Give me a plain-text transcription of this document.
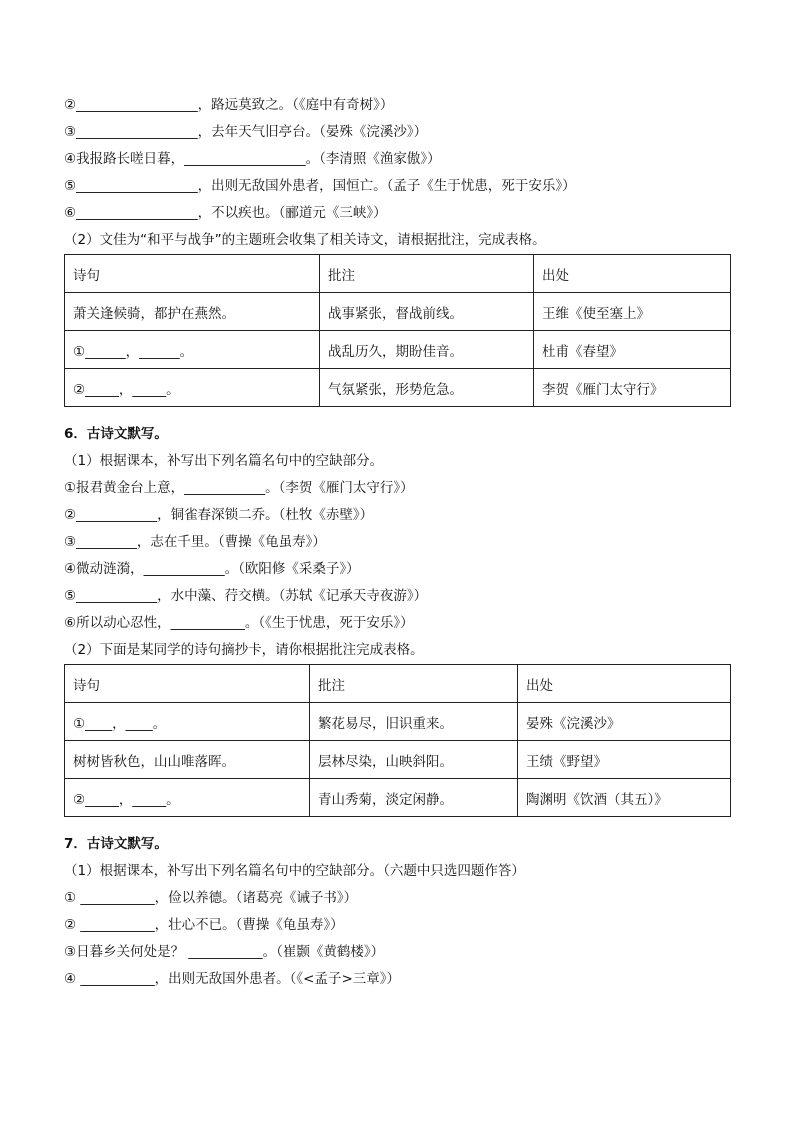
②__________________，路远莫致之。（《庭中有奇树》）
③__________________，去年天气旧亭台。（晏殊《浣溪沙》）
④我报路长嗟日暮，__________________。（李清照《渔家傲》）
⑤__________________，出则无敌国外患者，国恒亡。（孟子《生于忧患，死于安乐》）
⑥__________________，不以疾也。（郦道元《三峡》）
（2）文佳为“和平与战争”的主题班会收集了相关诗文，请根据批注，完成表格。
诗句	批注	出处
萧关逢候骑，都护在燕然。	战事紧张，督战前线。	王维《使至塞上》
①______，______。	战乱历久，期盼佳音。	杜甫《春望》
②_____，_____。	气氛紧张，形势危急。	李贺《雁门太守行》
6．古诗文默写。
（1）根据课本，补写出下列名篇名句中的空缺部分。
①报君黄金台上意，____________。（李贺《雁门太守行》）
②____________，铜雀春深锁二乔。（杜牧《赤壁》）
③_________，志在千里。（曹操《龟虽寿》）
④微动涟漪，____________。（欧阳修《采桑子》）
⑤____________，水中藻、荇交横。（苏轼《记承天寺夜游》）
⑥所以动心忍性，___________。（《生于忧患，死于安乐》）
（2）下面是某同学的诗句摘抄卡，请你根据批注完成表格。
诗句	批注	出处
①____，____。	繁花易尽，旧识重来。	晏殊《浣溪沙》
树树皆秋色，山山唯落晖。	层林尽染，山映斜阳。	王绩《野望》
②_____，_____。	青山秀菊，淡定闲静。	陶渊明《饮酒（其五）》
7．古诗文默写。
（1）根据课本，补写出下列名篇名句中的空缺部分。（六题中只选四题作答）
① ___________，俭以养德。（诸葛亮《诫子书》）
② ___________，壮心不已。（曹操《龟虽寿》）
③日暮乡关何处是？ ___________。（崔颢《黄鹤楼》）
④ ___________，出则无敌国外患者。（《<孟子>三章》）
